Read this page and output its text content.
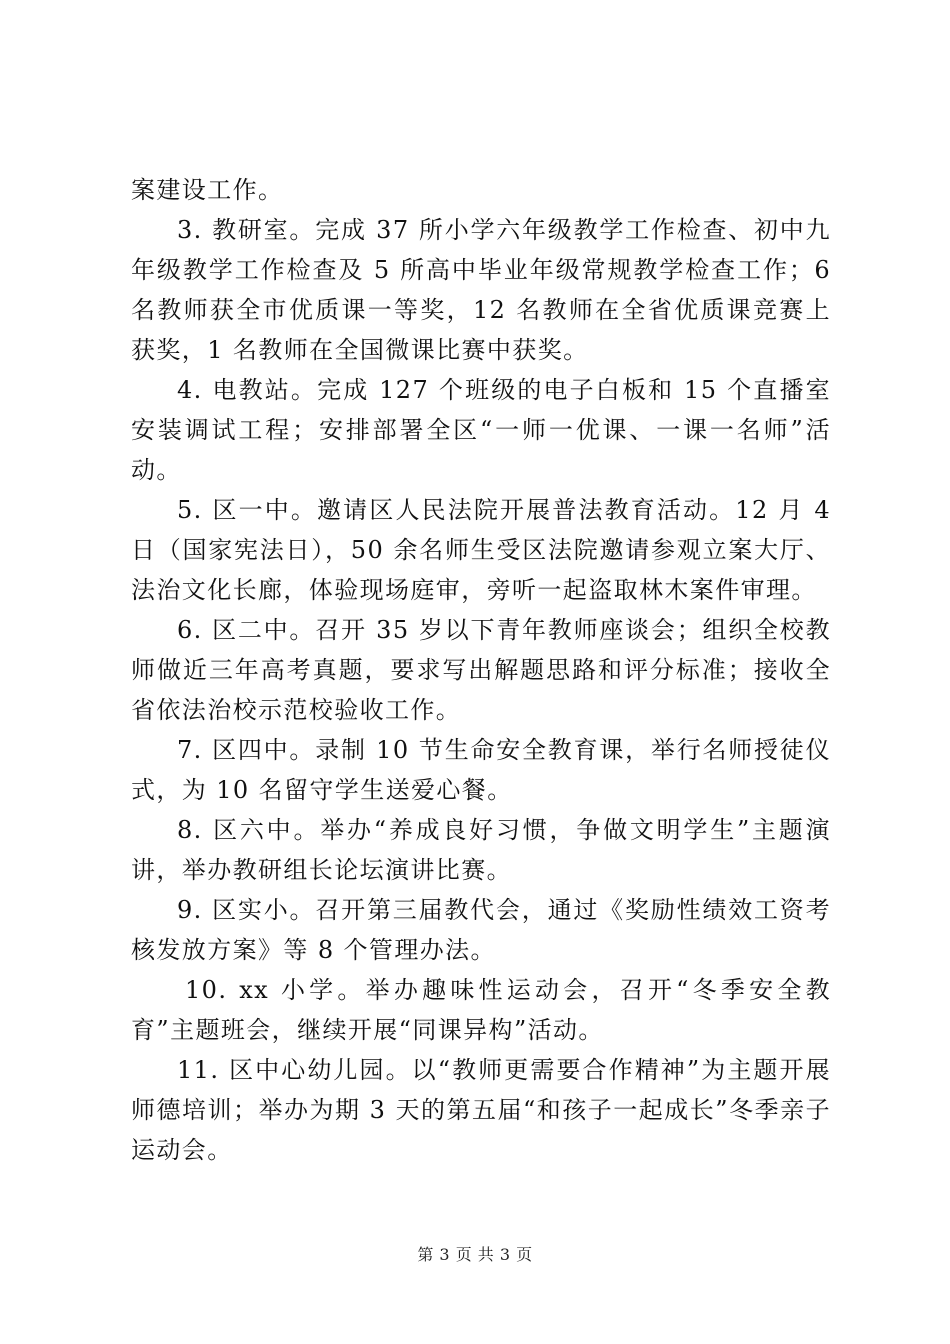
案建设工作。

3. 教研室。完成 37 所小学六年级教学工作检查、初中九年级教学工作检查及 5 所高中毕业年级常规教学检查工作；6 名教师获全市优质课一等奖，12 名教师在全省优质课竞赛上获奖，1 名教师在全国微课比赛中获奖。

4. 电教站。完成 127 个班级的电子白板和 15 个直播室安装调试工程；安排部署全区“一师一优课、一课一名师”活动。

5. 区一中。邀请区人民法院开展普法教育活动。12 月 4 日（国家宪法日），50 余名师生受区法院邀请参观立案大厅、法治文化长廊，体验现场庭审，旁听一起盗取林木案件审理。

6. 区二中。召开 35 岁以下青年教师座谈会；组织全校教师做近三年高考真题，要求写出解题思路和评分标准；接收全省依法治校示范校验收工作。

7. 区四中。录制 10 节生命安全教育课，举行名师授徒仪式，为 10 名留守学生送爱心餐。

8. 区六中。举办“养成良好习惯，争做文明学生”主题演讲，举办教研组长论坛演讲比赛。

9. 区实小。召开第三届教代会，通过《奖励性绩效工资考核发放方案》等 8 个管理办法。

10. xx 小学。举办趣味性运动会，召开“冬季安全教育”主题班会，继续开展“同课异构”活动。

11. 区中心幼儿园。以“教师更需要合作精神”为主题开展师德培训；举办为期 3 天的第五届“和孩子一起成长”冬季亲子运动会。

第 3 页 共 3 页
